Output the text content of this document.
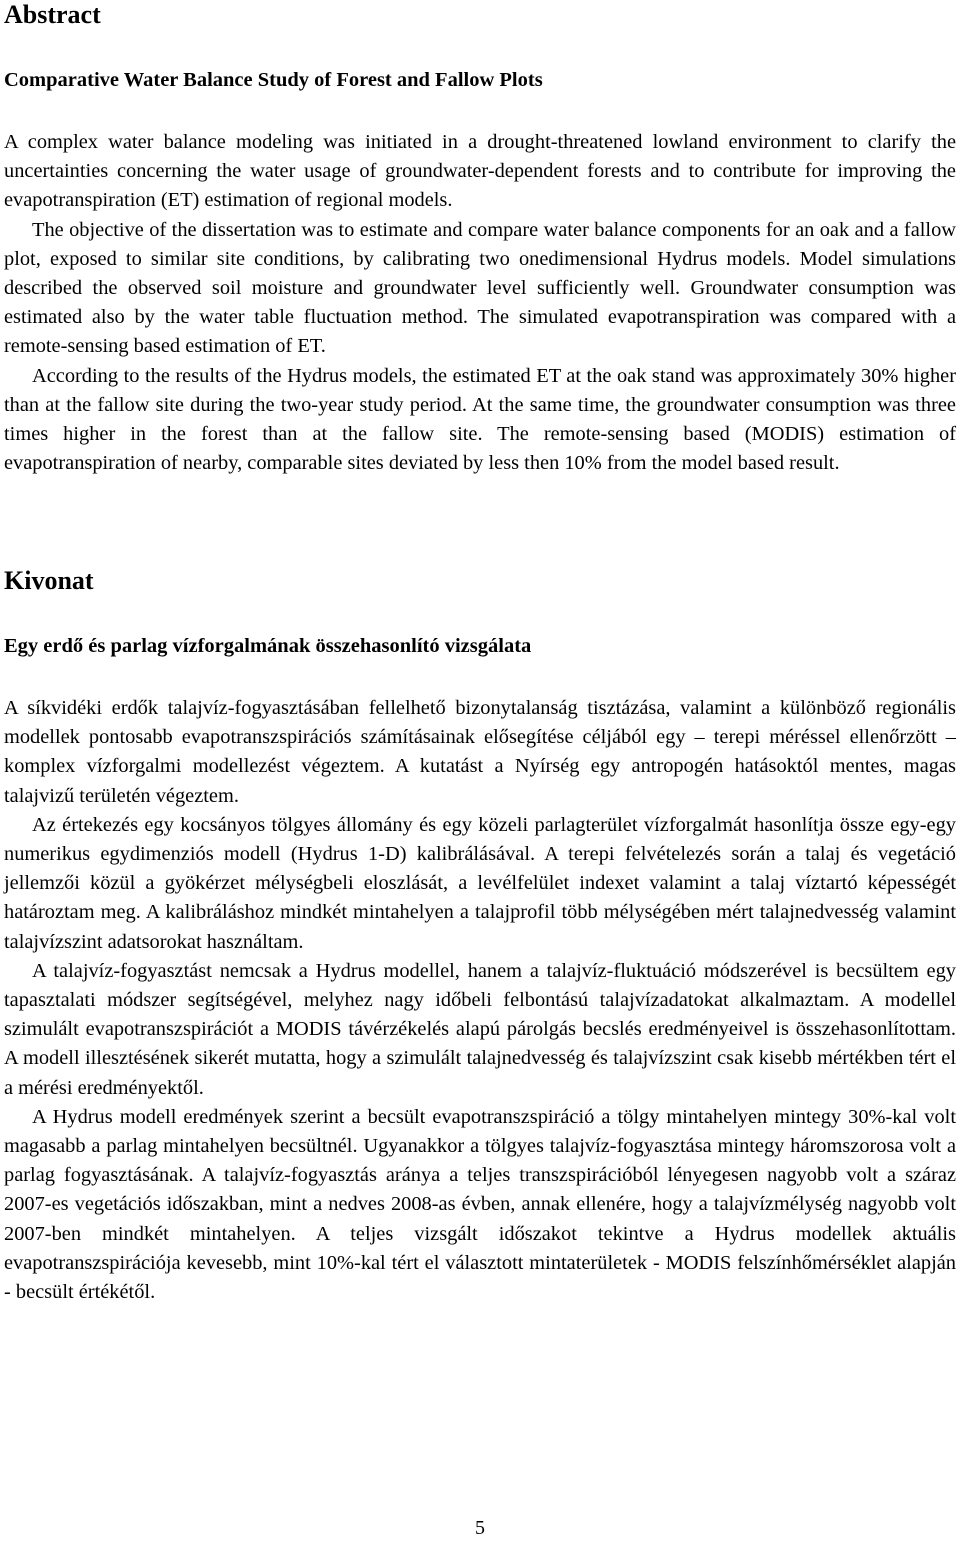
Abstract
Comparative Water Balance Study of Forest and Fallow Plots

A complex water balance modeling was initiated in a drought-threatened lowland environment to clarify the uncertainties concerning the water usage of groundwater-dependent forests and to contribute for improving the evapotranspiration (ET) estimation of regional models.

The objective of the dissertation was to estimate and compare water balance components for an oak and a fallow plot, exposed to similar site conditions, by calibrating two onedimensional Hydrus models. Model simulations described the observed soil moisture and groundwater level sufficiently well. Groundwater consumption was estimated also by the water table fluctuation method. The simulated evapotranspiration was compared with a remote-sensing based estimation of ET.

According to the results of the Hydrus models, the estimated ET at the oak stand was approximately 30% higher than at the fallow site during the two-year study period. At the same time, the groundwater consumption was three times higher in the forest than at the fallow site. The remote-sensing based (MODIS) estimation of evapotranspiration of nearby, comparable sites deviated by less then 10% from the model based result.

Kivonat
Egy erdő és parlag vízforgalmának összehasonlító vizsgálata

A síkvidéki erdők talajvíz-fogyasztásában fellelhető bizonytalanság tisztázása, valamint a különböző regionális modellek pontosabb evapotranszspirációs számításainak elősegítése céljából egy – terepi méréssel ellenőrzött – komplex vízforgalmi modellezést végeztem. A kutatást a Nyírség egy antropogén hatásoktól mentes, magas talajvizű területén végeztem.

Az értekezés egy kocsányos tölgyes állomány és egy közeli parlagterület vízforgalmát hasonlítja össze egy-egy numerikus egydimenziós modell (Hydrus 1-D) kalibrálásával. A terepi felvételezés során a talaj és vegetáció jellemzői közül a gyökérzet mélységbeli eloszlását, a levélfelület indexet valamint a talaj víztartó képességét határoztam meg. A kalibráláshoz mindkét mintahelyen a talajprofil több mélységében mért talajnedvesség valamint talajvízszint adatsorokat használtam.

A talajvíz-fogyasztást nemcsak a Hydrus modellel, hanem a talajvíz-fluktuáció módszerével is becsültem egy tapasztalati módszer segítségével, melyhez nagy időbeli felbontású talajvízadatokat alkalmaztam. A modellel szimulált evapotranszspirációt a MODIS távérzékelés alapú párolgás becslés eredményeivel is összehasonlítottam. A modell illesztésének sikerét mutatta, hogy a szimulált talajnedvesség és talajvízszint csak kisebb mértékben tért el a mérési eredményektől.

A Hydrus modell eredmények szerint a becsült evapotranszspiráció a tölgy mintahelyen mintegy 30%-kal volt magasabb a parlag mintahelyen becsültnél. Ugyanakkor a tölgyes talajvíz-fogyasztása mintegy háromszorosa volt a parlag fogyasztásának. A talajvíz-fogyasztás aránya a teljes transzspirációból lényegesen nagyobb volt a száraz 2007-es vegetációs időszakban, mint a nedves 2008-as évben, annak ellenére, hogy a talajvízmélység nagyobb volt 2007-ben mindkét mintahelyen. A teljes vizsgált időszakot tekintve a Hydrus modellek aktuális evapotranszspirációja kevesebb, mint 10%-kal tért el választott mintaterületek - MODIS felszínhőmérséklet alapján - becsült értékétől.

5
